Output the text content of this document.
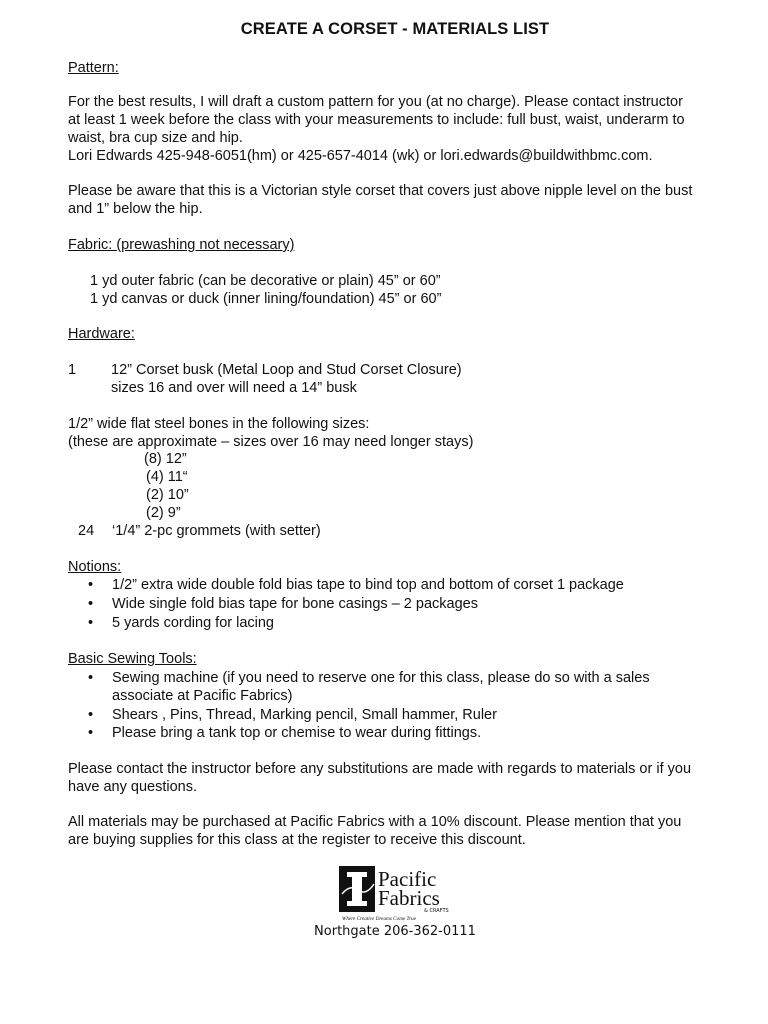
CREATE A CORSET - MATERIALS LIST
Pattern:
For the best results, I will draft a custom pattern for you (at no charge). Please contact instructor
at least 1 week before the class with your measurements to include: full bust, waist, underarm to
waist, bra cup size and hip.
Lori Edwards 425-948-6051(hm) or 425-657-4014 (wk) or lori.edwards@buildwithbmc.com.
Please be aware that this is a Victorian style corset that covers just above nipple level on the bust
and 1” below the hip.
Fabric: (prewashing not necessary)
1 yd outer fabric (can be decorative or plain) 45” or 60”
1 yd canvas or duck (inner lining/foundation) 45” or 60”
Hardware:
1 12” Corset busk (Metal Loop and Stud Corset Closure)
sizes 16 and over will need a 14” busk
1/2” wide flat steel bones in the following sizes:
(these are approximate – sizes over 16 may need longer stays)
(8) 12”
(4) 11“
(2) 10”
(2) 9”
24 ‘1/4” 2-pc grommets (with setter)
Notions:
• 1/2” extra wide double fold bias tape to bind top and bottom of corset 1 package
• Wide single fold bias tape for bone casings – 2 packages
• 5 yards cording for lacing
Basic Sewing Tools:
• Sewing machine (if you need to reserve one for this class, please do so with a sales
associate at Pacific Fabrics)
• Shears , Pins, Thread, Marking pencil, Small hammer, Ruler
• Please bring a tank top or chemise to wear during fittings.
Please contact the instructor before any substitutions are made with regards to materials or if you
have any questions.
All materials may be purchased at Pacific Fabrics with a 10% discount. Please mention that you
are buying supplies for this class at the register to receive this discount.
Pacific
Fabrics
& CRAFTS
Where Creative Dreams Come True
Northgate 206-362-0111
